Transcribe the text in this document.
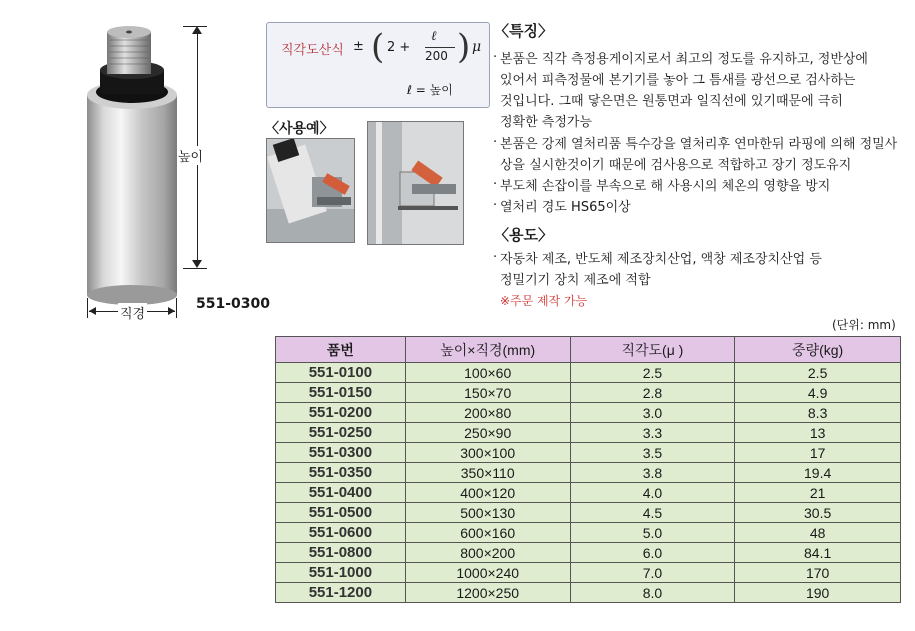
높이
직경
551-0300
직각도산식 ± ( 2 +
ℓ
200 ) μ
ℓ = 높이
〈사용예〉
〈특징〉
· 본품은 직각 측정용게이지로서 최고의 정도를 유지하고, 정반상에
있어서 피측정물에 본기기를 놓아 그 틈새를 광선으로 검사하는
것입니다. 그때 닿은면은 원통면과 일직선에 있기때문에 극히
정확한 측정가능
· 본품은 강제 열처리품 특수강을 열처리후 연마한뒤 라핑에 의해 정밀사
상을 실시한것이기 때문에 검사용으로 적합하고 장기 정도유지
· 부도체 손잡이를 부속으로 해 사용시의 체온의 영향을 방지
· 열처리 경도 HS65이상
〈용도〉
· 자동차 제조, 반도체 제조장치산업, 액창 제조장치산업 등
정밀기기 장치 제조에 적합
※주문 제작 가능
(단위: mm)
품번	높이×직경(mm)	직각도(μ )	중량(kg)
551-0100	100×60	2.5	2.5
551-0150	150×70	2.8	4.9
551-0200	200×80	3.0	8.3
551-0250	250×90	3.3	13
551-0300	300×100	3.5	17
551-0350	350×110	3.8	19.4
551-0400	400×120	4.0	21
551-0500	500×130	4.5	30.5
551-0600	600×160	5.0	48
551-0800	800×200	6.0	84.1
551-1000	1000×240	7.0	170
551-1200	1200×250	8.0	190
